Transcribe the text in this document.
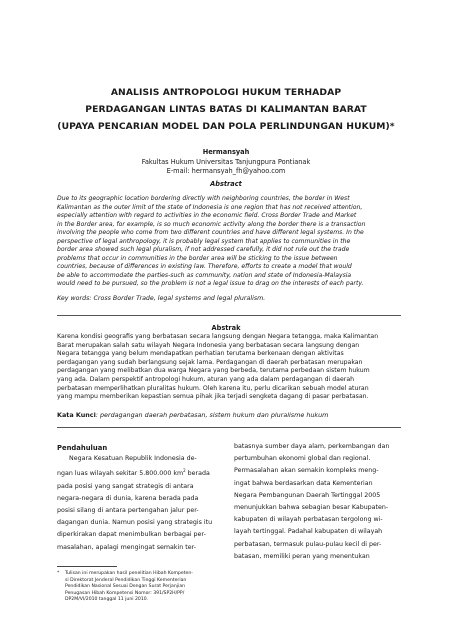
ANALISIS ANTROPOLOGI HUKUM TERHADAP
PERDAGANGAN LINTAS BATAS DI KALIMANTAN BARAT
(UPAYA PENCARIAN MODEL DAN POLA PERLINDUNGAN HUKUM)*
Hermansyah
Fakultas Hukum Universitas Tanjungpura Pontianak
E-mail: hermansyah_fh@yahoo.com
Abstract
Due to its geographic location bordering directly with neighboring countries, the border in West
Kalimantan as the outer limit of the state of Indonesia is one region that has not received attention,
especially attention with regard to activities in the economic field. Cross Border Trade and Market
in the Border area, for example, is so much economic activity along the border there is a transaction
involving the people who come from two different countries and have different legal systems. In the
perspective of legal anthropology, it is probably legal system that applies to communities in the
border area showed such legal pluralism, if not addressed carefully, it did not rule out the trade
problems that occur in communities in the border area will be sticking to the issue between
countries, because of differences in existing law. Therefore, efforts to create a model that would
be able to accommodate the parties-such as community, nation and state of Indonesia-Malaysia
would need to be pursued, so the problem is not a legal issue to drag on the interests of each party.
Key words: Cross Border Trade, legal systems and legal pluralism.
Abstrak
Karena kondisi geografis yang berbatasan secara langsung dengan Negara tetangga, maka Kalimantan
Barat merupakan salah satu wilayah Negara Indonesia yang berbatasan secara langsung dengan
Negara tetangga yang belum mendapatkan perhatian terutama berkenaan dengan aktivitas
perdagangan yang sudah berlangsung sejak lama. Perdagangan di daerah perbatasan merupakan
perdagangan yang melibatkan dua warga Negara yang berbeda, terutama perbedaan sistem hukum
yang ada. Dalam perspektif antropologi hukum, aturan yang ada dalam perdagangan di daerah
perbatasan memperlihatkan pluralitas hukum. Oleh karena itu, perlu dicarikan sebuah model aturan
yang mampu memberikan kepastian semua pihak jika terjadi sengketa dagang di pasar perbatasan.
Kata Kunci: perdagangan daerah perbatasan, sistem hukum dan pluralisme hukum
Pendahuluan
Negara Kesatuan Republik Indonesia de-
ngan luas wilayah sekitar 5.800.000 $km^2$ berada
pada posisi yang sangat strategis di antara
negara-negara di dunia, karena berada pada
posisi silang di antara pertengahan jalur per-
dagangan dunia. Namun posisi yang strategis itu
diperkirakan dapat menimbulkan berbagai per-
masalahan, apalagi mengingat semakin ter-
batasnya sumber daya alam, perkembangan dan
pertumbuhan ekonomi global dan regional.
Permasalahan akan semakin kompleks meng-
ingat bahwa berdasarkan data Kementerian
Negara Pembangunan Daerah Tertinggal 2005
menunjukkan bahwa sebagian besar Kabupaten-
kabupaten di wilayah perbatasan tergolong wi-
layah tertinggal. Padahal kabupaten di wilayah
perbatasan, termasuk pulau-pulau kecil di per-
batasan, memiliki peran yang menentukan
* Tulisan ini merupakan hasil penelitian Hibah Kompeten-
si Direktorat Jenderal Pendidikan Tinggi Kementerian
Pendidikan Nasional Sesuai Dengan Surat Perjanjian
Penugasan Hibah Kompetensi Nomor: 391/SP2H/PP/
DP2M/VI/2010 tanggal 11 juni 2010.
